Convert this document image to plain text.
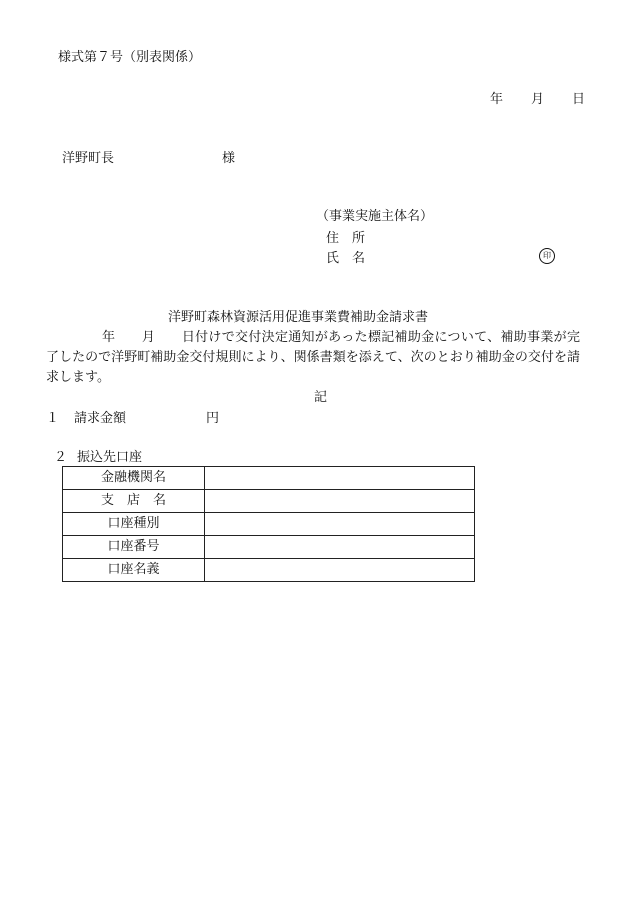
様式第７号（別表関係）
年 月 日
洋野町長	様
（事業実施主体名）
住　所
氏　名	印
洋野町森林資源活用促進事業費補助金請求書
年　　月　　日付けで交付決定通知があった標記補助金について、補助事業が完了したので洋野町補助金交付規則により、関係書類を添えて、次のとおり補助金の交付を請求します。
記
１ 請求金額	円
２ 振込先口座
金融機関名	
支　店　名	
口座種別	
口座番号	
口座名義	
